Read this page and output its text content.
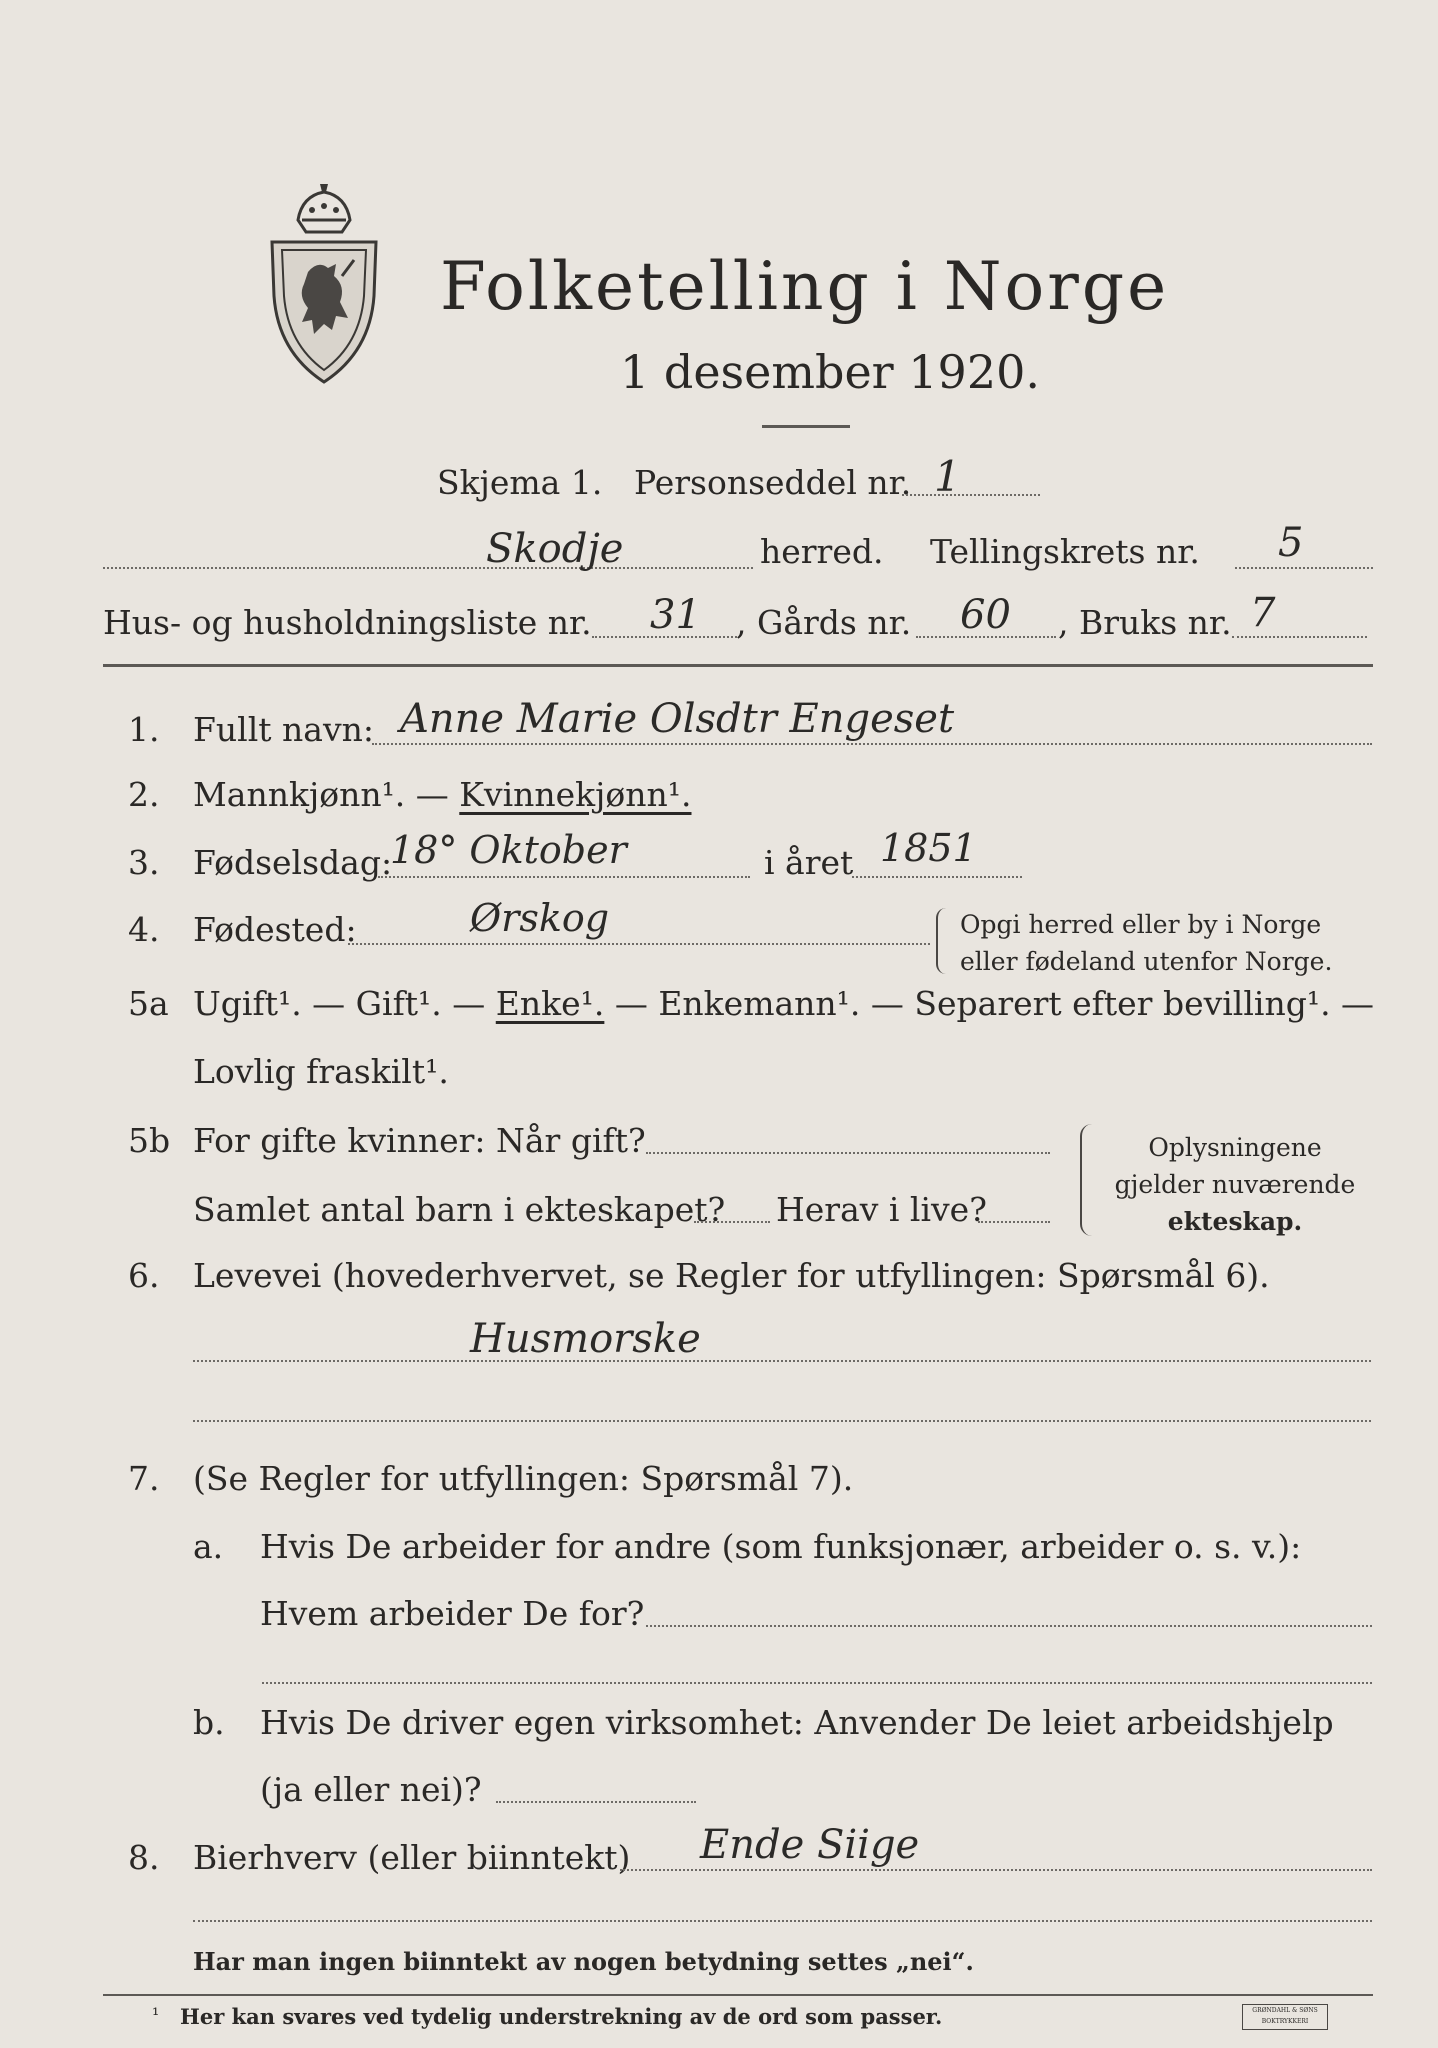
Folketelling i Norge
1 desember 1920.
Skjema 1. Personseddel nr. 1
Skodje	herred. Tellingskrets nr. 5
Hus- og husholdningsliste nr. 31 , Gårds nr. 60 , Bruks nr. 7
1. Fullt navn: Anne Marie Olsdtr Engeset
2. Mannkjønn¹. — Kvinnekjønn¹.
3. Fødselsdag:
18° Oktober	i året 1851
4. Fødested:	Ørskog	Opgi herred eller by i Norge
eller fødeland utenfor Norge.
5a Ugift¹. — Gift¹. — Enke¹. — Enkemann¹. — Separert efter bevilling¹. —
Lovlig fraskilt¹.
5b For gifte kvinner: Når gift?
Samlet antal barn i ekteskapet? Herav i live?
Oplysningene
gjelder nuværende
ekteskap.
6. Levevei (hovederhvervet, se Regler for utfyllingen: Spørsmål 6).
Husmorske
7. (Se Regler for utfyllingen: Spørsmål 7).
a. Hvis De arbeider for andre (som funksjonær, arbeider o. s. v.):
Hvem arbeider De for?
b. Hvis De driver egen virksomhet: Anvender De leiet arbeidshjelp
(ja eller nei)?
8. Bierhverv (eller biinntekt) Ende Siige
Har man ingen biinntekt av nogen betydning settes „nei“.
¹ Her kan svares ved tydelig understrekning av de ord som passer.	GRØNDAHL & SØNS BOKTRYKKERI
